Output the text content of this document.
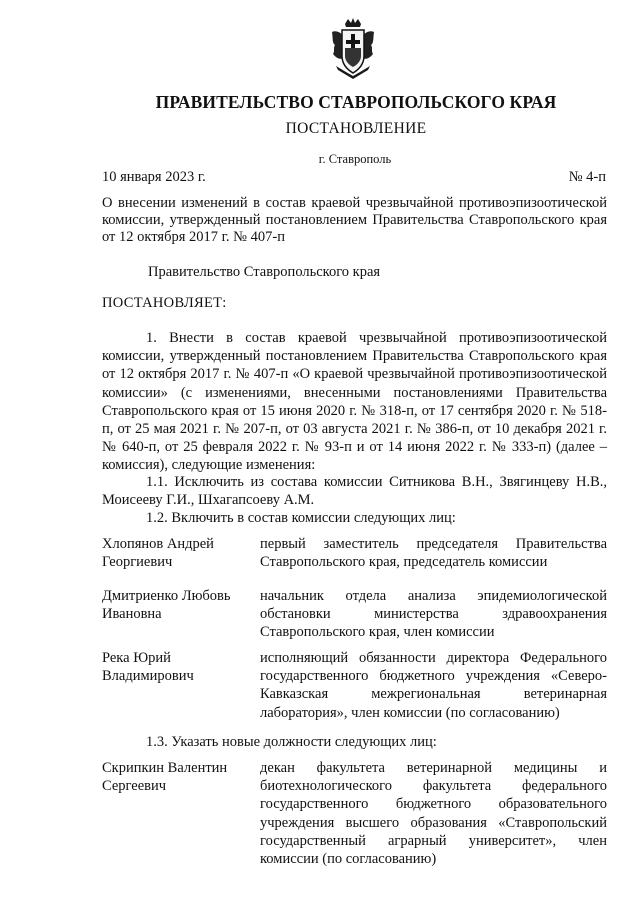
ПРАВИТЕЛЬСТВО СТАВРОПОЛЬСКОГО КРАЯ
ПОСТАНОВЛЕНИЕ
г. Ставрополь
10 января 2023 г.	№ 4-п
О внесении изменений в состав краевой чрезвычайной противоэпизоотической комиссии, утвержденный постановлением Правительства Ставропольского края от 12 октября 2017 г. № 407-п
Правительство Ставропольского края
ПОСТАНОВЛЯЕТ:
1. Внести в состав краевой чрезвычайной противоэпизоотической комиссии, утвержденный постановлением Правительства Ставропольского края от 12 октября 2017 г. № 407-п «О краевой чрезвычайной противоэпизоотической комиссии» (с изменениями, внесенными постановлениями Правительства Ставропольского края от 15 июня 2020 г. № 318-п, от 17 сентября 2020 г. № 518-п, от 25 мая 2021 г. № 207-п, от 03 августа 2021 г. № 386-п, от 10 декабря 2021 г. № 640-п, от 25 февраля 2022 г. № 93-п и от 14 июня 2022 г. № 333-п) (далее – комиссия), следующие изменения:
1.1. Исключить из состава комиссии Ситникова В.Н., Звягинцеву Н.В., Моисееву Г.И., Шхагапсоеву А.М.
1.2. Включить в состав комиссии следующих лиц:
Хлопянов Андрей Георгиевич
первый заместитель председателя Правительства Ставропольского края, председатель комиссии
Дмитриенко Любовь Ивановна
начальник отдела анализа эпидемиологической обстановки министерства здравоохранения Ставропольского края, член комиссии
Река Юрий Владимирович
исполняющий обязанности директора Федерального государственного бюджетного учреждения «Северо-Кавказская межрегиональная ветеринарная лаборатория», член комиссии (по согласованию)
1.3. Указать новые должности следующих лиц:
Скрипкин Валентин Сергеевич
декан факультета ветеринарной медицины и биотехнологического факультета федерального государственного бюджетного образовательного учреждения высшего образования «Ставропольский государственный аграрный университет», член комиссии (по согласованию)
